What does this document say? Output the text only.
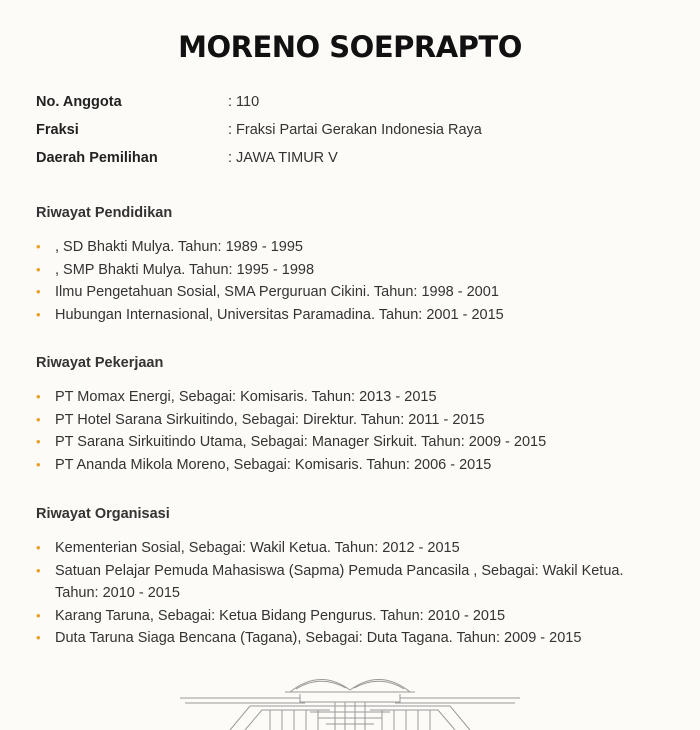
MORENO SOEPRAPTO
No. Anggota	: 110
Fraksi	: Fraksi Partai Gerakan Indonesia Raya
Daerah Pemilihan	: JAWA TIMUR V
Riwayat Pendidikan
• , SD Bhakti Mulya. Tahun: 1989 - 1995
• , SMP Bhakti Mulya. Tahun: 1995 - 1998
• Ilmu Pengetahuan Sosial, SMA Perguruan Cikini. Tahun: 1998 - 2001
• Hubungan Internasional, Universitas Paramadina. Tahun: 2001 - 2015
Riwayat Pekerjaan
• PT Momax Energi, Sebagai: Komisaris. Tahun: 2013 - 2015
• PT Hotel Sarana Sirkuitindo, Sebagai: Direktur. Tahun: 2011 - 2015
• PT Sarana Sirkuitindo Utama, Sebagai: Manager Sirkuit. Tahun: 2009 - 2015
• PT Ananda Mikola Moreno, Sebagai: Komisaris. Tahun: 2006 - 2015
Riwayat Organisasi
• Kementerian Sosial, Sebagai: Wakil Ketua. Tahun: 2012 - 2015
• Satuan Pelajar Pemuda Mahasiswa (Sapma) Pemuda Pancasila , Sebagai: Wakil Ketua. Tahun: 2010 - 2015
• Karang Taruna, Sebagai: Ketua Bidang Pengurus. Tahun: 2010 - 2015
• Duta Taruna Siaga Bencana (Tagana), Sebagai: Duta Tagana. Tahun: 2009 - 2015
